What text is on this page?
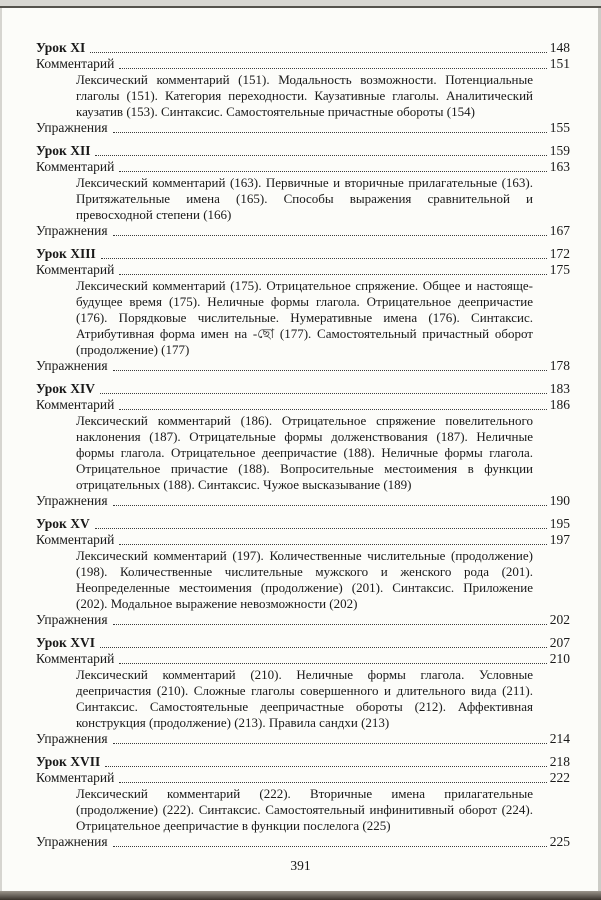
Урок XI	148
Комментарий	151

Лексический комментарий (151). Модальность возможности. Потенциальные глаголы (151). Категория переходности. Каузативные глаголы. Аналитический каузатив (153). Синтаксис. Самостоятельные причастные обороты (154)

Упражнения	155
Урок XII	159
Комментарий	163

Лексический комментарий (163). Первичные и вторичные прилагательные (163). Притяжательные имена (165). Способы выражения сравнительной и превосходной степени (166)

Упражнения	167
Урок XIII	172
Комментарий	175

Лексический комментарий (175). Отрицательное спряжение. Общее и настояще-будущее время (175). Неличные формы глагола. Отрицательное деепричастие (176). Порядковые числительные. Нумеративные имена (176). Синтаксис. Атрибутивная форма имен на -ছো (177). Самостоятельный причастный оборот (продолжение) (177)

Упражнения	178
Урок XIV	183
Комментарий	186

Лексический комментарий (186). Отрицательное спряжение повелительного наклонения (187). Отрицательные формы долженствования (187). Неличные формы глагола. Отрицательное деепричастие (188). Неличные формы глагола. Отрицательное причастие (188). Вопросительные местоимения в функции отрицательных (188). Синтаксис. Чужое высказывание (189)

Упражнения	190
Урок XV	195
Комментарий	197

Лексический комментарий (197). Количественные числительные (продолжение) (198). Количественные числительные мужского и женского рода (201). Неопределенные местоимения (продолжение) (201). Синтаксис. Приложение (202). Модальное выражение невозможности (202)

Упражнения	202
Урок XVI	207
Комментарий	210

Лексический комментарий (210). Неличные формы глагола. Условные деепричастия (210). Сложные глаголы совершенного и длительного вида (211). Синтаксис. Самостоятельные деепричастные обороты (212). Аффективная конструкция (продолжение) (213). Правила сандхи (213)

Упражнения	214
Урок XVII	218
Комментарий	222

Лексический комментарий (222). Вторичные имена прилагательные (продолжение) (222). Синтаксис. Самостоятельный инфинитивный оборот (224). Отрицательное деепричастие в функции послелога (225)

Упражнения	225
391
